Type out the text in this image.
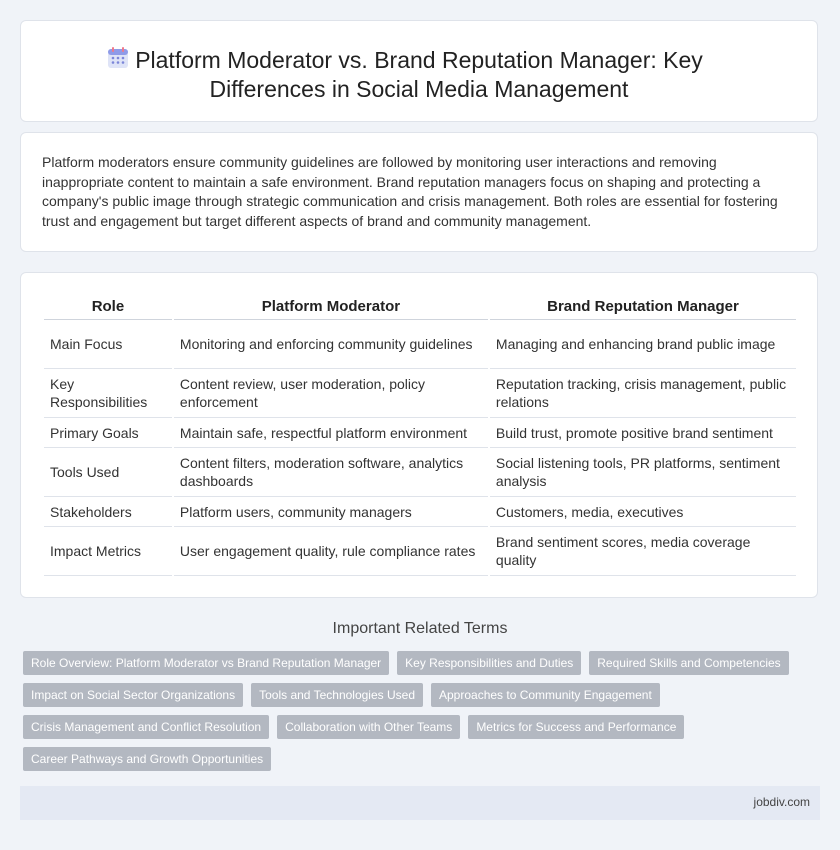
Platform Moderator vs. Brand Reputation Manager: Key Differences in Social Media Management

Platform moderators ensure community guidelines are followed by monitoring user interactions and removing inappropriate content to maintain a safe environment. Brand reputation managers focus on shaping and protecting a company's public image through strategic communication and crisis management. Both roles are essential for fostering trust and engagement but target different aspects of brand and community management.

Role	Platform Moderator	Brand Reputation Manager
Main Focus	Monitoring and enforcing community guidelines	Managing and enhancing brand public image
Key Responsibilities	Content review, user moderation, policy enforcement	Reputation tracking, crisis management, public relations
Primary Goals	Maintain safe, respectful platform environment	Build trust, promote positive brand sentiment
Tools Used	Content filters, moderation software, analytics dashboards	Social listening tools, PR platforms, sentiment analysis
Stakeholders	Platform users, community managers	Customers, media, executives
Impact Metrics	User engagement quality, rule compliance rates	Brand sentiment scores, media coverage quality
Important Related Terms
Role Overview: Platform Moderator vs Brand Reputation Manager	Key Responsibilities and Duties	Required Skills and Competencies
Impact on Social Sector Organizations	Tools and Technologies Used	Approaches to Community Engagement
Crisis Management and Conflict Resolution	Collaboration with Other Teams	Metrics for Success and Performance
Career Pathways and Growth Opportunities
jobdiv.com
